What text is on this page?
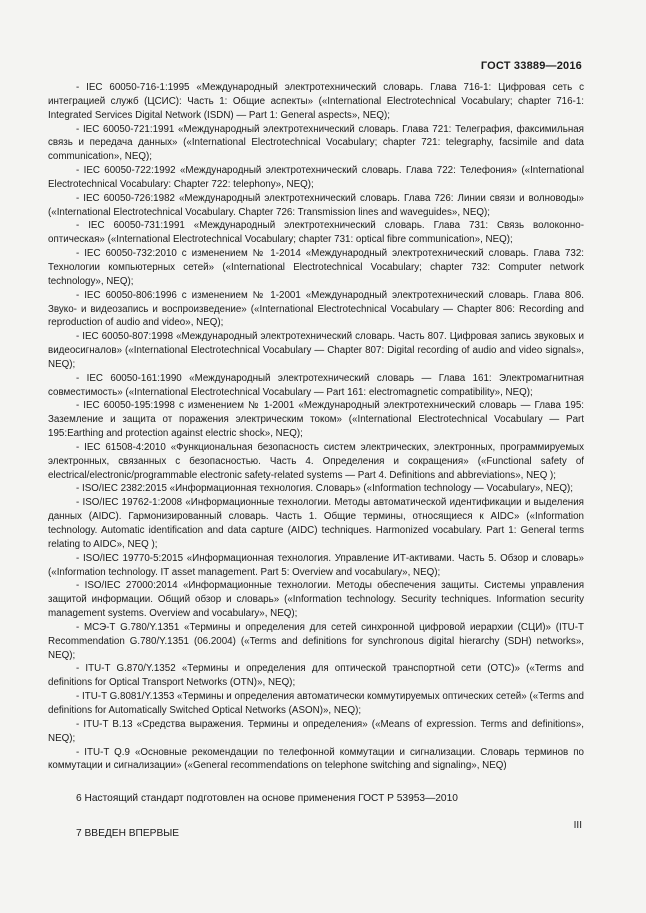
ГОСТ 33889—2016

- IEC 60050-716-1:1995 «Международный электротехнический словарь. Глава 716-1: Цифровая сеть с интеграцией служб (ЦСИС): Часть 1: Общие аспекты» («International Electrotechnical Vocabulary; chapter 716-1: Integrated Services Digital Network (ISDN) — Part 1: General aspects», NEQ);

- IEC 60050-721:1991 «Международный электротехнический словарь. Глава 721: Телеграфия, факсимильная связь и передача данных» («International Electrotechnical Vocabulary; chapter 721: telegraphy, facsimile and data communication», NEQ);

- IEC 60050-722:1992 «Международный электротехнический словарь. Глава 722: Телефония» («International Electrotechnical Vocabulary: Chapter 722: telephony», NEQ);

- IEC 60050-726:1982 «Международный электротехнический словарь. Глава 726: Линии связи и волноводы» («International Electrotechnical Vocabulary. Chapter 726: Transmission lines and waveguides», NEQ);

- IEC 60050-731:1991 «Международный электротехнический словарь. Глава 731: Связь волоконно-оптическая» («International Electrotechnical Vocabulary; chapter 731: optical fibre communication», NEQ);

- IEC 60050-732:2010 с изменением № 1-2014 «Международный электротехнический словарь. Глава 732: Технологии компьютерных сетей» («International Electrotechnical Vocabulary; chapter 732: Computer network technology», NEQ);

- IEC 60050-806:1996 с изменением № 1-2001 «Международный электротехнический словарь. Глава 806. Звуко- и видеозапись и воспроизведение» («International Electrotechnical Vocabulary — Chapter 806: Recording and reproduction of audio and video», NEQ);

- IEC 60050-807:1998 «Международный электротехнический словарь. Часть 807. Цифровая запись звуковых и видеосигналов» («International Electrotechnical Vocabulary — Chapter 807: Digital recording of audio and video signals», NEQ);

- IEC 60050-161:1990 «Международный электротехнический словарь — Глава 161: Электромагнитная совместимость» («International Electrotechnical Vocabulary — Part 161: electromagnetic compatibility», NEQ);

- IEC 60050-195:1998 с изменением № 1-2001 «Международный электротехнический словарь — Глава 195: Заземление и защита от поражения электрическим током» («International Electrotechnical Vocabulary — Part 195:Earthing and protection against electric shock», NEQ);

- IEC 61508-4:2010 «Функциональная безопасность систем электрических, электронных, программируемых электронных, связанных с безопасностью. Часть 4. Определения и сокращения» («Functional safety of electrical/electronic/programmable electronic safety-related systems — Part 4. Definitions and abbreviations», NEQ );

- ISO/IEC 2382:2015 «Информационная технология. Словарь» («Information technology — Vocabulary», NEQ);

- ISO/IEC 19762-1:2008 «Информационные технологии. Методы автоматической идентификации и выделения данных (AIDC). Гармонизированный словарь. Часть 1. Общие термины, относящиеся к AIDC» («Information technology. Automatic identification and data capture (AIDC) techniques. Harmonized vocabulary. Part 1: General terms relating to AIDC», NEQ );

- ISO/IEC 19770-5:2015 «Информационная технология. Управление ИТ-активами. Часть 5. Обзор и словарь» («Information technology. IT asset management. Part 5: Overview and vocabulary», NEQ);

- ISO/IEC 27000:2014 «Информационные технологии. Методы обеспечения защиты. Системы управления защитой информации. Общий обзор и словарь» («Information technology. Security techniques. Information security management systems. Overview and vocabulary», NEQ);

- МСЭ-Т G.780/Y.1351 «Термины и определения для сетей синхронной цифровой иерархии (СЦИ)» (ITU-T Recommendation G.780/Y.1351 (06.2004) («Terms and definitions for synchronous digital hierarchy (SDH) networks», NEQ);

- ITU-T G.870/Y.1352 «Термины и определения для оптической транспортной сети (ОТС)» («Terms and definitions for Optical Transport Networks (OTN)», NEQ);

- ITU-T G.8081/Y.1353 «Термины и определения автоматически коммутируемых оптических сетей» («Terms and definitions for Automatically Switched Optical Networks (ASON)», NEQ);

- ITU-T B.13 «Средства выражения. Термины и определения» («Means of expression. Terms and definitions», NEQ);

- ITU-T Q.9 «Основные рекомендации по телефонной коммутации и сигнализации. Словарь терминов по коммутации и сигнализации» («General recommendations on telephone switching and signaling», NEQ)

6 Настоящий стандарт подготовлен на основе применения ГОСТ Р 53953—2010

7 ВВЕДЕН ВПЕРВЫЕ

III
